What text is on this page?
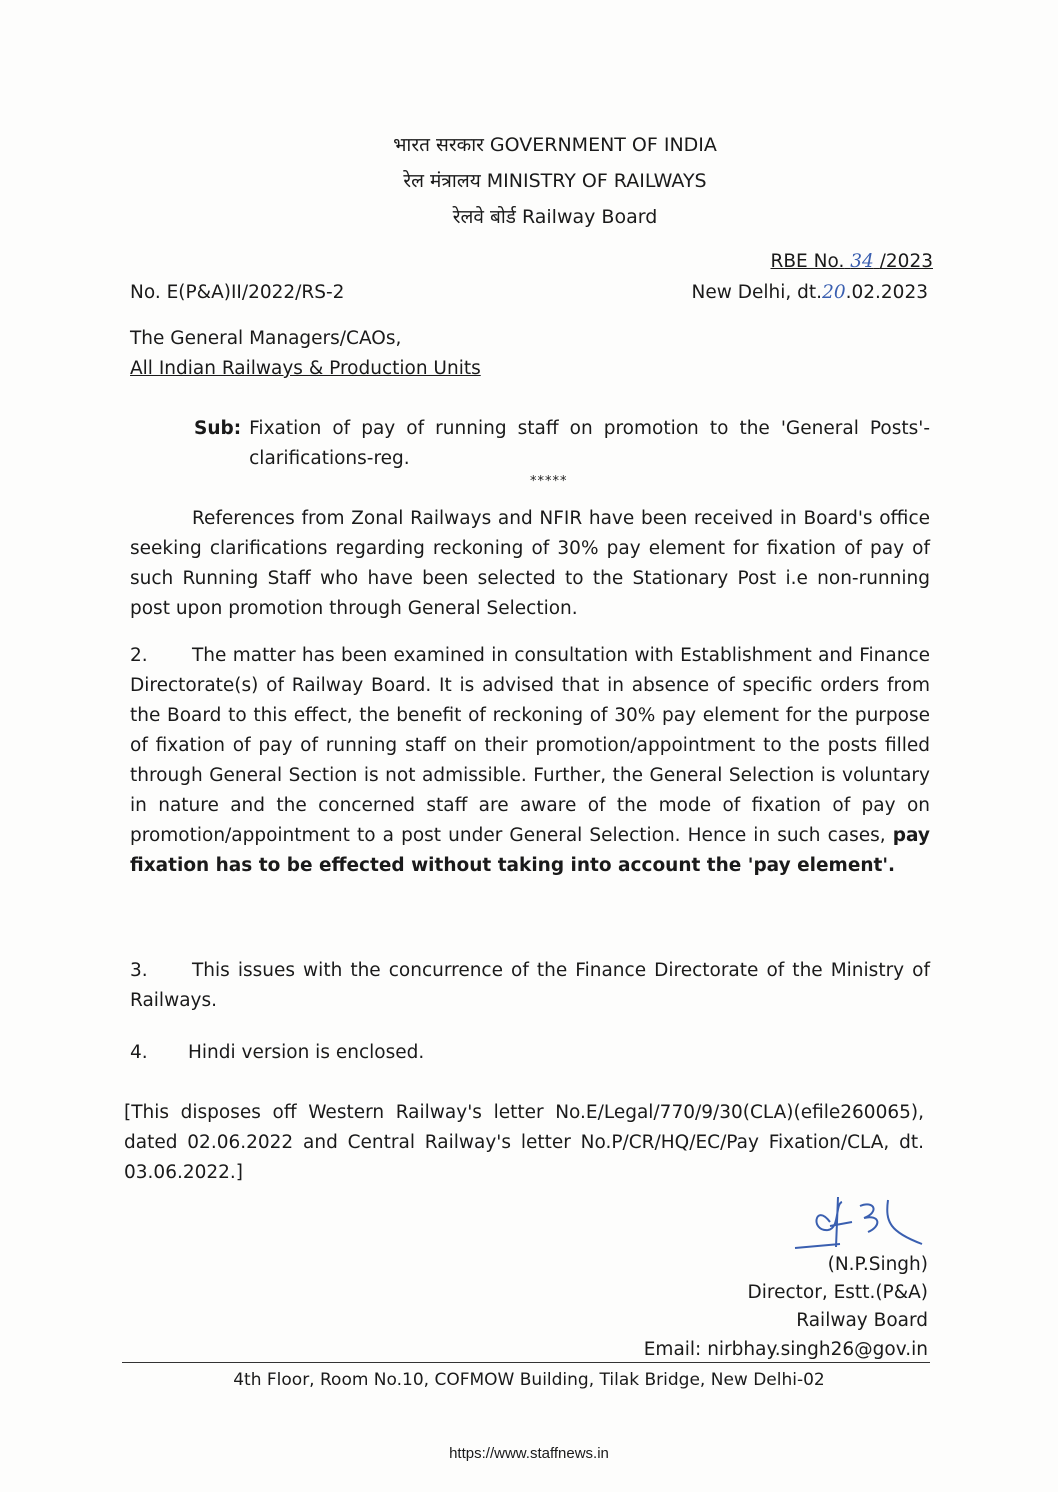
भारत सरकार GOVERNMENT OF INDIA
रेल मंत्रालय MINISTRY OF RAILWAYS
रेलवे बोर्ड Railway Board
RBE No. 34 /2023
No. E(P&A)II/2022/RS-2	New Delhi, dt.20.02.2023
The General Managers/CAOs,
All Indian Railways & Production Units
Sub: Fixation of pay of running staff on promotion to the 'General Posts'- clarifications-reg.
*****
References from Zonal Railways and NFIR have been received in Board's office seeking clarifications regarding reckoning of 30% pay element for fixation of pay of such Running Staff who have been selected to the Stationary Post i.e non-running post upon promotion through General Selection.
2. The matter has been examined in consultation with Establishment and Finance Directorate(s) of Railway Board. It is advised that in absence of specific orders from the Board to this effect, the benefit of reckoning of 30% pay element for the purpose of fixation of pay of running staff on their promotion/appointment to the posts filled through General Section is not admissible. Further, the General Selection is voluntary in nature and the concerned staff are aware of the mode of fixation of pay on promotion/appointment to a post under General Selection. Hence in such cases, pay fixation has to be effected without taking into account the 'pay element'.
3. This issues with the concurrence of the Finance Directorate of the Ministry of Railways.
4. Hindi version is enclosed.
[This disposes off Western Railway's letter No.E/Legal/770/9/30(CLA)(efile260065), dated 02.06.2022 and Central Railway's letter No.P/CR/HQ/EC/Pay Fixation/CLA, dt. 03.06.2022.]
(N.P.Singh)
Director, Estt.(P&A)
Railway Board
Email: nirbhay.singh26@gov.in
4th Floor, Room No.10, COFMOW Building, Tilak Bridge, New Delhi-02
https://www.staffnews.in
